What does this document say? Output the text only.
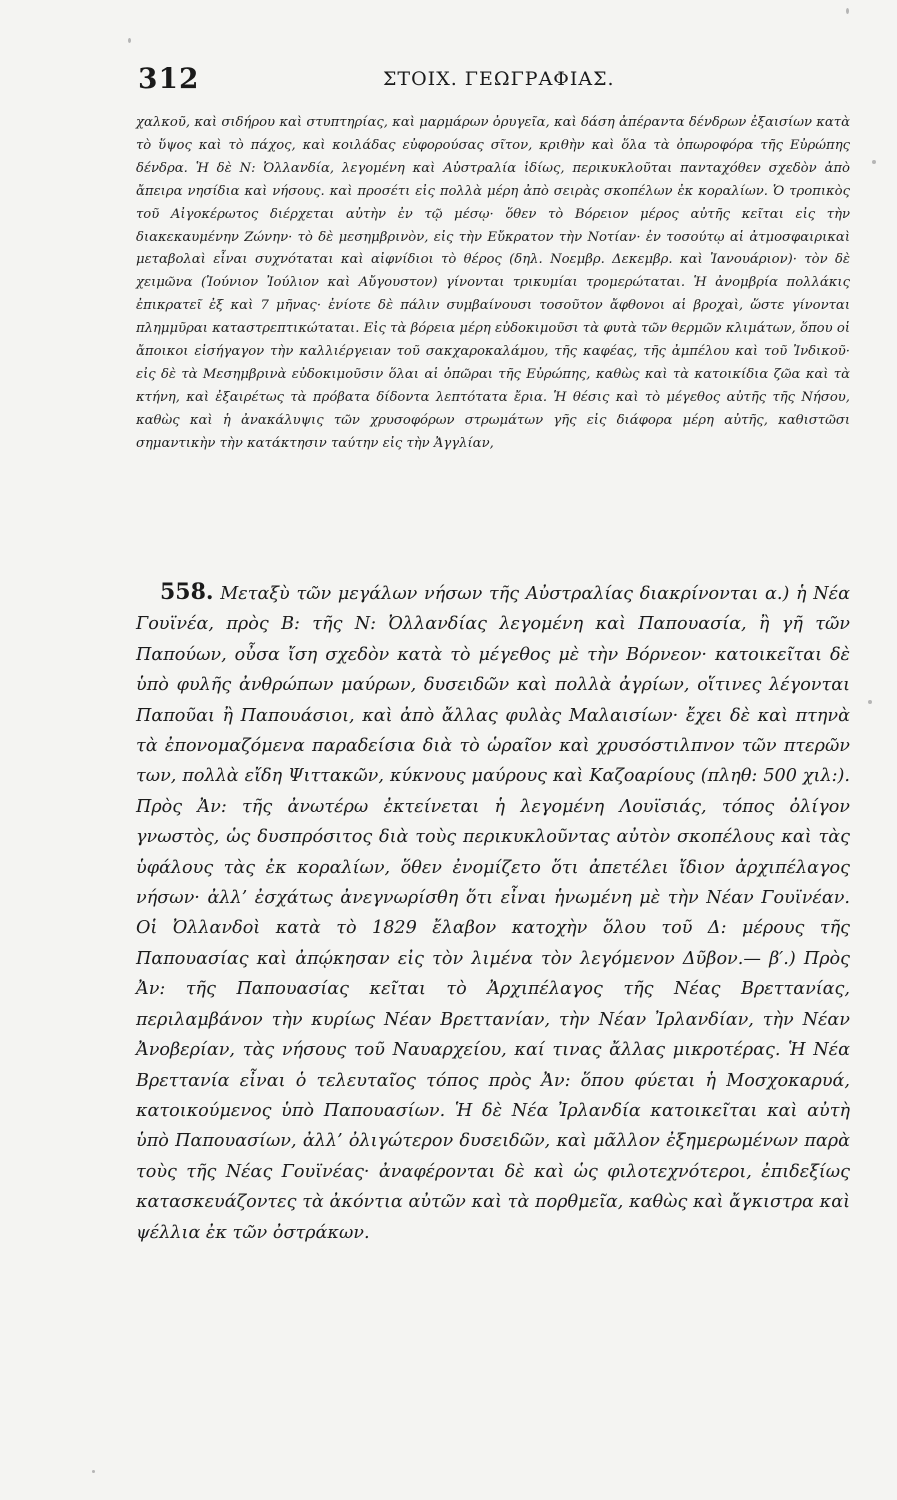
312	ΣΤΟΙΧ. ΓΕΩΓΡΑΦΙΑΣ.

χαλκοῦ, καὶ σιδήρου καὶ στυπτηρίας, καὶ μαρμάρων ὀρυγεῖα, καὶ δάση ἀπέραντα δένδρων ἐξαισίων κατὰ τὸ ὕψος καὶ τὸ πάχος, καὶ κοιλάδας εὐφορούσας σῖτον, κριθὴν καὶ ὅλα τὰ ὀπωροφόρα τῆς Εὐρώπης δένδρα. Ἡ δὲ Ν: Ὀλλανδία, λεγομένη καὶ Αὐστραλία ἰδίως, περικυκλοῦται πανταχόθεν σχεδὸν ἀπὸ ἄπειρα νησίδια καὶ νήσους. καὶ προσέτι εἰς πολλὰ μέρη ἀπὸ σειρὰς σκοπέλων ἐκ κοραλίων. Ὁ τροπικὸς τοῦ Αἰγοκέρωτος διέρχεται αὐτὴν ἐν τῷ μέσῳ· ὅθεν τὸ Βόρειον μέρος αὐτῆς κεῖται εἰς τὴν διακεκαυμένην Ζώνην· τὸ δὲ μεσημβρινὸν, εἰς τὴν Εὔκρατον τὴν Νοτίαν· ἐν τοσούτῳ αἱ ἀτμοσφαιρικαὶ μεταβολαὶ εἶναι συχνόταται καὶ αἰφνίδιοι τὸ θέρος (δηλ. Νοεμβρ. Δεκεμβρ. καὶ Ἰανουάριον)· τὸν δὲ χειμῶνα (Ἰούνιον Ἰούλιον καὶ Αὔγουστον) γίνονται τρικυμίαι τρομερώταται. Ἡ ἀνομβρία πολλάκις ἐπικρατεῖ ἐξ καὶ 7 μῆνας· ἐνίοτε δὲ πάλιν συμβαίνουσι τοσοῦτον ἄφθονοι αἱ βροχαὶ, ὥστε γίνονται πλημμῦραι καταστρεπτικώταται. Εἰς τὰ βόρεια μέρη εὐδοκιμοῦσι τὰ φυτὰ τῶν θερμῶν κλιμάτων, ὅπου οἱ ἄποικοι εἰσήγαγον τὴν καλλιέργειαν τοῦ σακχαροκαλάμου, τῆς καφέας, τῆς ἀμπέλου καὶ τοῦ Ἰνδικοῦ· εἰς δὲ τὰ Μεσημβρινὰ εὐδοκιμοῦσιν ὅλαι αἱ ὀπῶραι τῆς Εὐρώπης, καθὼς καὶ τὰ κατοικίδια ζῶα καὶ τὰ κτήνη, καὶ ἐξαιρέτως τὰ πρόβατα δίδοντα λεπτότατα ἔρια. Ἡ θέσις καὶ τὸ μέγεθος αὐτῆς τῆς Νήσου, καθὼς καὶ ἡ ἀνακάλυψις τῶν χρυσοφόρων στρωμάτων γῆς εἰς διάφορα μέρη αὐτῆς, καθιστῶσι σημαντικὴν τὴν κατάκτησιν ταύτην εἰς τὴν Ἀγγλίαν,

558. Μεταξὺ τῶν μεγάλων νήσων τῆς Αὐστραλίας διακρίνονται α.) ἡ Νέα Γουϊνέα, πρὸς Β: τῆς Ν: Ὀλλανδίας λεγομένη καὶ Παπουασία, ἢ γῆ τῶν Παπούων, οὖσα ἴση σχεδὸν κατὰ τὸ μέγεθος μὲ τὴν Βόρνεον· κατοικεῖται δὲ ὑπὸ φυλῆς ἀνθρώπων μαύρων, δυσειδῶν καὶ πολλὰ ἀγρίων, οἵτινες λέγονται Παποῦαι ἢ Παπουάσιοι, καὶ ἀπὸ ἄλλας φυλὰς Μαλαισίων· ἔχει δὲ καὶ πτηνὰ τὰ ἐπονομαζόμενα παραδείσια διὰ τὸ ὡραῖον καὶ χρυσόστιλπνον τῶν πτερῶν των, πολλὰ εἴδη Ψιττακῶν, κύκνους μαύρους καὶ Καζοαρίους (πληθ: 500 χιλ:). Πρὸς Ἀν: τῆς ἀνωτέρω ἐκτείνεται ἡ λεγομένη Λουϊσιάς, τόπος ὀλίγον γνωστὸς, ὡς δυσπρόσιτος διὰ τοὺς περικυκλοῦντας αὐτὸν σκοπέλους καὶ τὰς ὑφάλους τὰς ἐκ κοραλίων, ὅθεν ἐνομίζετο ὅτι ἀπετέλει ἴδιον ἀρχιπέλαγος νήσων· ἀλλ’ ἐσχάτως ἀνεγνωρίσθη ὅτι εἶναι ἡνωμένη μὲ τὴν Νέαν Γουϊνέαν. Οἱ Ὀλλανδοὶ κατὰ τὸ 1829 ἔλαβον κατοχὴν ὅλου τοῦ Δ: μέρους τῆς Παπουασίας καὶ ἀπῴκησαν εἰς τὸν λιμένα τὸν λεγόμενον Δῦβον.— β′.) Πρὸς Ἀν: τῆς Παπουασίας κεῖται τὸ Ἀρχιπέλαγος τῆς Νέας Βρεττανίας, περιλαμβάνον τὴν κυρίως Νέαν Βρεττανίαν, τὴν Νέαν Ἰρλανδίαν, τὴν Νέαν Ἀνοβερίαν, τὰς νήσους τοῦ Ναυαρχείου, καί τινας ἄλλας μικροτέρας. Ἡ Νέα Βρεττανία εἶναι ὁ τελευταῖος τόπος πρὸς Ἀν: ὅπου φύεται ἡ Μοσχοκαρυά, κατοικούμενος ὑπὸ Παπουασίων. Ἡ δὲ Νέα Ἰρλανδία κατοικεῖται καὶ αὐτὴ ὑπὸ Παπουασίων, ἀλλ’ ὀλιγώτερον δυσειδῶν, καὶ μᾶλλον ἐξημερωμένων παρὰ τοὺς τῆς Νέας Γουϊνέας· ἀναφέρονται δὲ καὶ ὡς φιλοτεχνότεροι, ἐπιδεξίως κατασκευάζοντες τὰ ἀκόντια αὐτῶν καὶ τὰ πορθμεῖα, καθὼς καὶ ἄγκιστρα καὶ ψέλλια ἐκ τῶν ὀστράκων.
